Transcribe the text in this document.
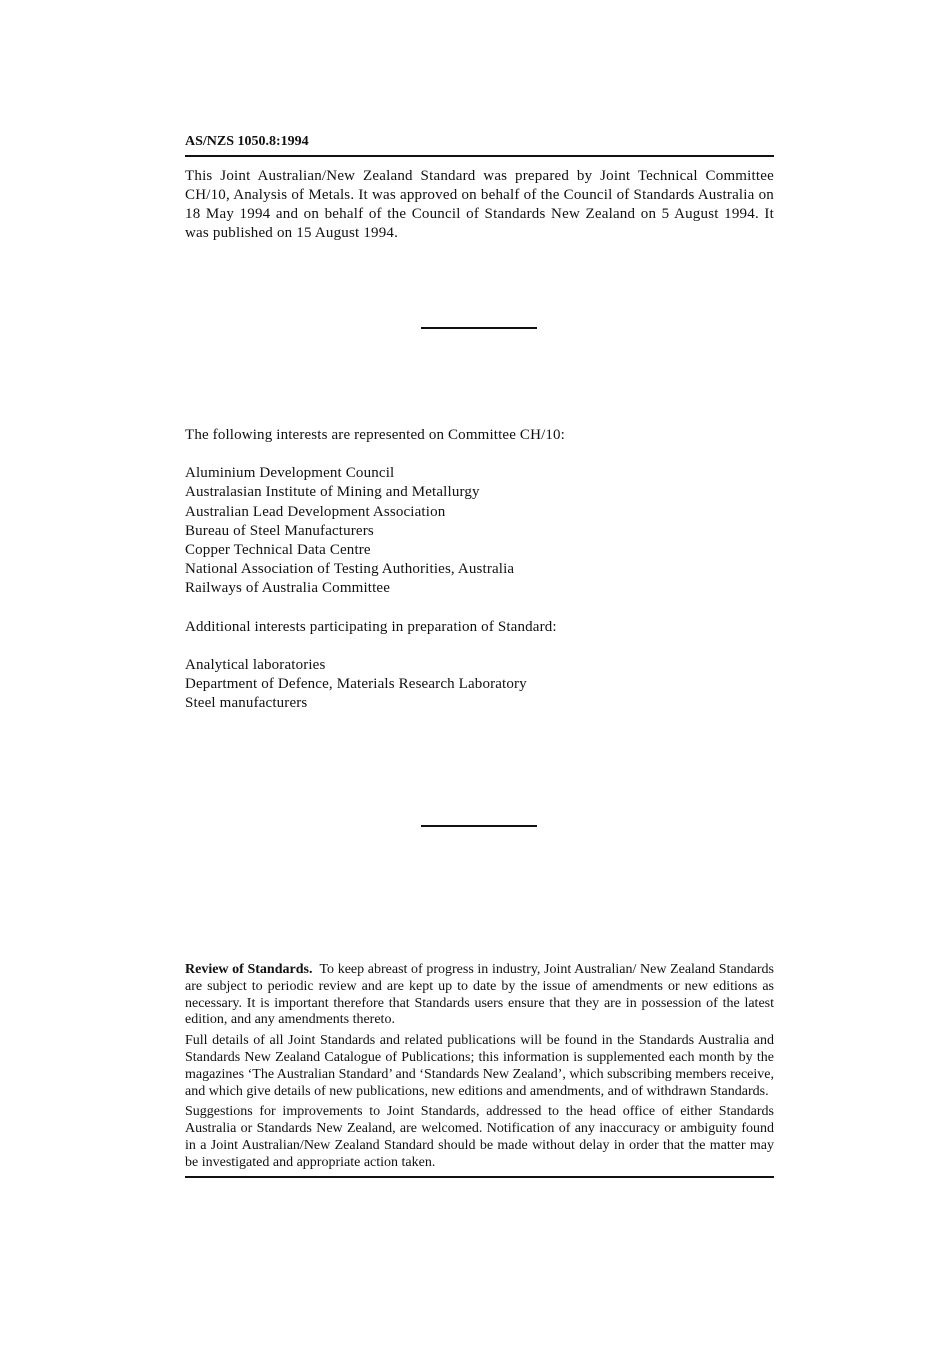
AS/NZS 1050.8:1994

This Joint Australian/New Zealand Standard was prepared by Joint Technical Committee CH/10, Analysis of Metals. It was approved on behalf of the Council of Standards Australia on 18 May 1994 and on behalf of the Council of Standards New Zealand on 5 August 1994. It was published on 15 August 1994.

The following interests are represented on Committee CH/10:

Aluminium Development Council
Australasian Institute of Mining and Metallurgy
Australian Lead Development Association
Bureau of Steel Manufacturers
Copper Technical Data Centre
National Association of Testing Authorities, Australia
Railways of Australia Committee

Additional interests participating in preparation of Standard:

Analytical laboratories
Department of Defence, Materials Research Laboratory
Steel manufacturers

Review of Standards. To keep abreast of progress in industry, Joint Australian/ New Zealand Standards are subject to periodic review and are kept up to date by the issue of amendments or new editions as necessary. It is important therefore that Standards users ensure that they are in possession of the latest edition, and any amendments thereto.

Full details of all Joint Standards and related publications will be found in the Standards Australia and Standards New Zealand Catalogue of Publications; this information is supplemented each month by the magazines ‘The Australian Standard’ and ‘Standards New Zealand’, which subscribing members receive, and which give details of new publications, new editions and amendments, and of withdrawn Standards.

Suggestions for improvements to Joint Standards, addressed to the head office of either Standards Australia or Standards New Zealand, are welcomed. Notification of any inaccuracy or ambiguity found in a Joint Australian/New Zealand Standard should be made without delay in order that the matter may be investigated and appropriate action taken.
